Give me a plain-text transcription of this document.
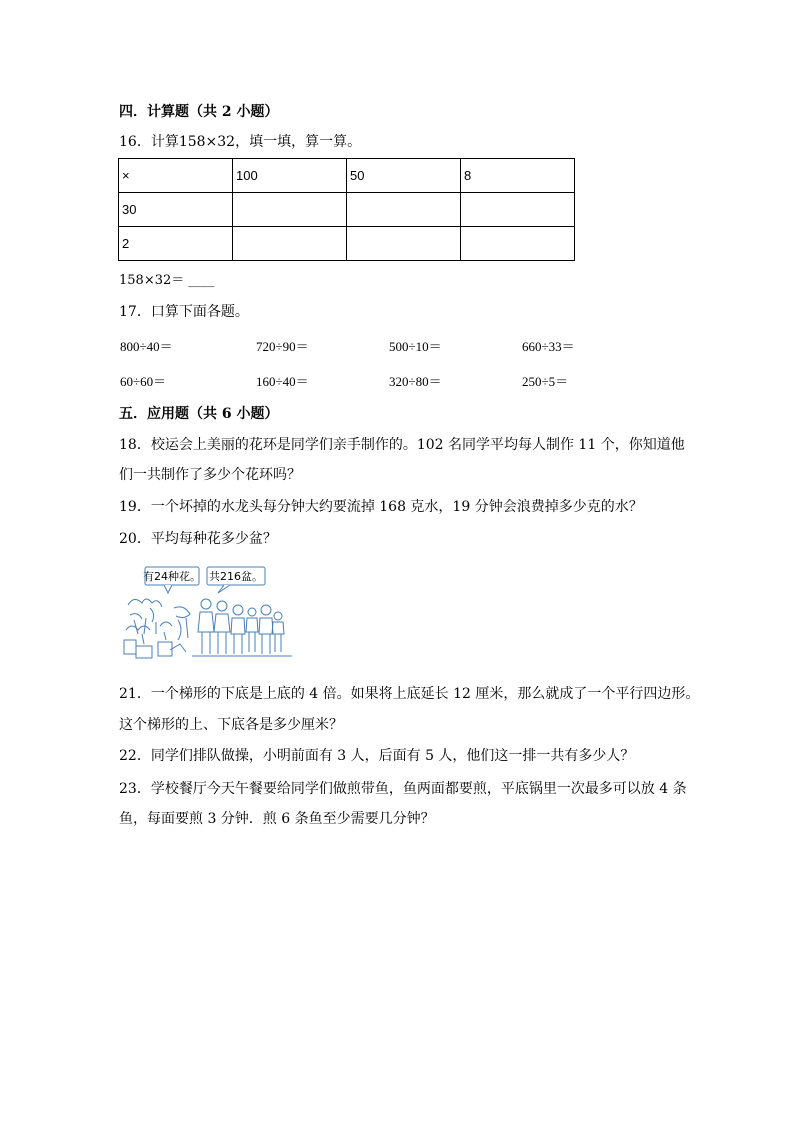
四．计算题（共 2 小题）
16．计算158×32，填一填，算一算。
×	100	50	8
30			
2			
158×32＝ ____
17．口算下面各题。
800÷40＝	720÷90＝	500÷10＝	660÷33＝
60÷60＝	160÷40＝	320÷80＝	250÷5＝
五．应用题（共 6 小题）
18．校运会上美丽的花环是同学们亲手制作的。102 名同学平均每人制作 11 个，你知道他
们一共制作了多少个花环吗？
19．一个坏掉的水龙头每分钟大约要流掉 168 克水，19 分钟会浪费掉多少克的水？
20．平均每种花多少盆？
有24种花。 共216盆。
21．一个梯形的下底是上底的 4 倍。如果将上底延长 12 厘米，那么就成了一个平行四边形。
这个梯形的上、下底各是多少厘米？
22．同学们排队做操，小明前面有 3 人，后面有 5 人，他们这一排一共有多少人？
23．学校餐厅今天午餐要给同学们做煎带鱼，鱼两面都要煎，平底锅里一次最多可以放 4 条
鱼，每面要煎 3 分钟．煎 6 条鱼至少需要几分钟？
